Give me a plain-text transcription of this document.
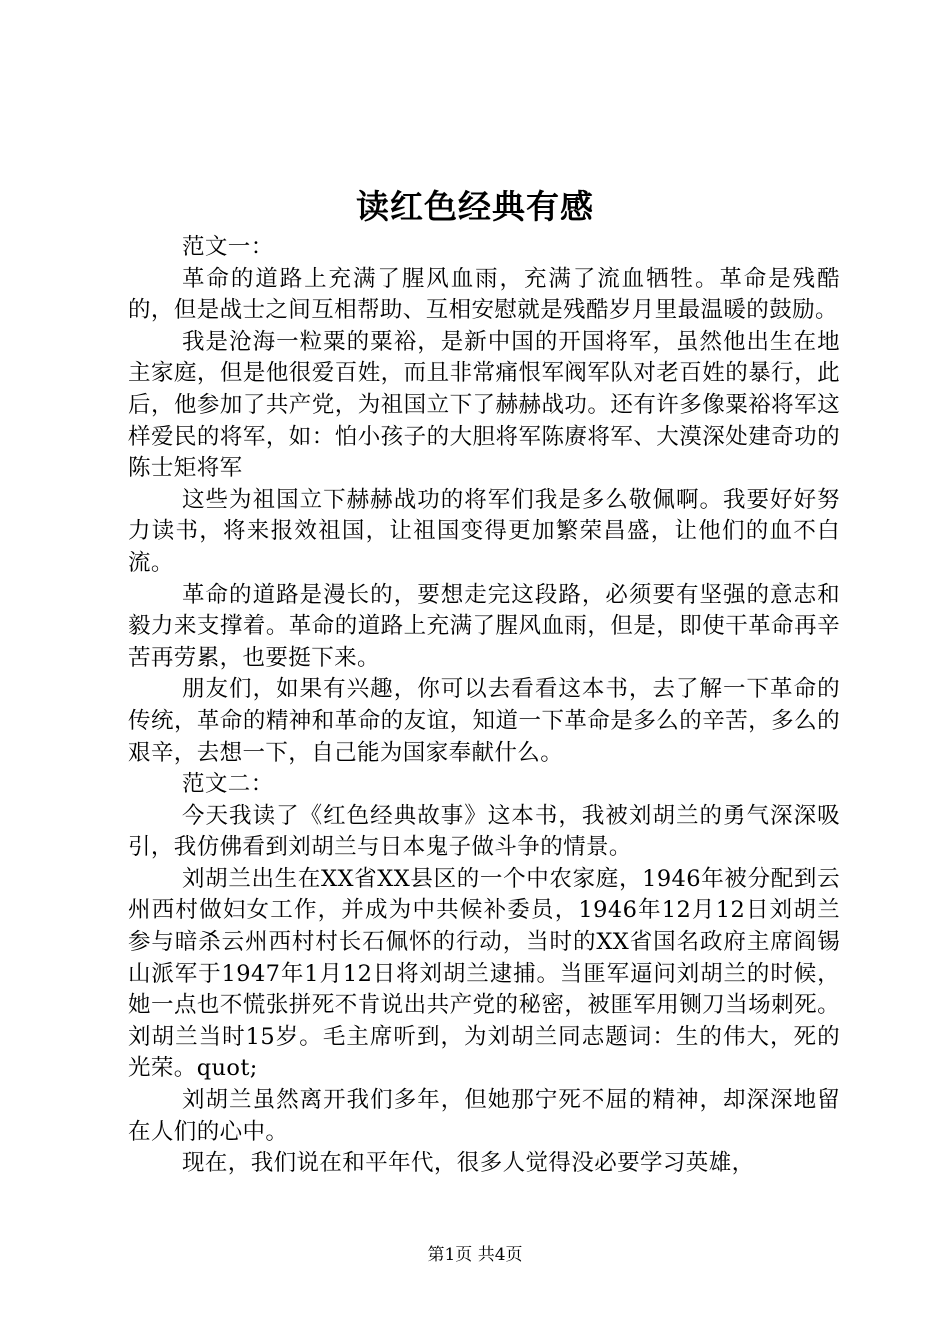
读红色经典有感

范文一：

革命的道路上充满了腥风血雨，充满了流血牺牲。革命是残酷的，但是战士之间互相帮助、互相安慰就是残酷岁月里最温暖的鼓励。

我是沧海一粒粟的粟裕，是新中国的开国将军，虽然他出生在地主家庭，但是他很爱百姓，而且非常痛恨军阀军队对老百姓的暴行，此后，他参加了共产党，为祖国立下了赫赫战功。还有许多像粟裕将军这样爱民的将军，如：怕小孩子的大胆将军陈赓将军、大漠深处建奇功的陈士矩将军

这些为祖国立下赫赫战功的将军们我是多么敬佩啊。我要好好努力读书，将来报效祖国，让祖国变得更加繁荣昌盛，让他们的血不白流。

革命的道路是漫长的，要想走完这段路，必须要有坚强的意志和毅力来支撑着。革命的道路上充满了腥风血雨，但是，即使干革命再辛苦再劳累，也要挺下来。

朋友们，如果有兴趣，你可以去看看这本书，去了解一下革命的传统，革命的精神和革命的友谊，知道一下革命是多么的辛苦，多么的艰辛，去想一下，自己能为国家奉献什么。

范文二：

今天我读了《红色经典故事》这本书，我被刘胡兰的勇气深深吸引，我仿佛看到刘胡兰与日本鬼子做斗争的情景。

刘胡兰出生在XX省XX县区的一个中农家庭，1946年被分配到云州西村做妇女工作，并成为中共候补委员，1946年12月12日刘胡兰参与暗杀云州西村村长石佩怀的行动，当时的XX省国名政府主席阎锡山派军于1947年1月12日将刘胡兰逮捕。当匪军逼问刘胡兰的时候，她一点也不慌张拼死不肯说出共产党的秘密，被匪军用铡刀当场刺死。刘胡兰当时15岁。毛主席听到，为刘胡兰同志题词：生的伟大，死的光荣。quot;

刘胡兰虽然离开我们多年，但她那宁死不屈的精神，却深深地留在人们的心中。

现在，我们说在和平年代，很多人觉得没必要学习英雄，

第1页 共4页
